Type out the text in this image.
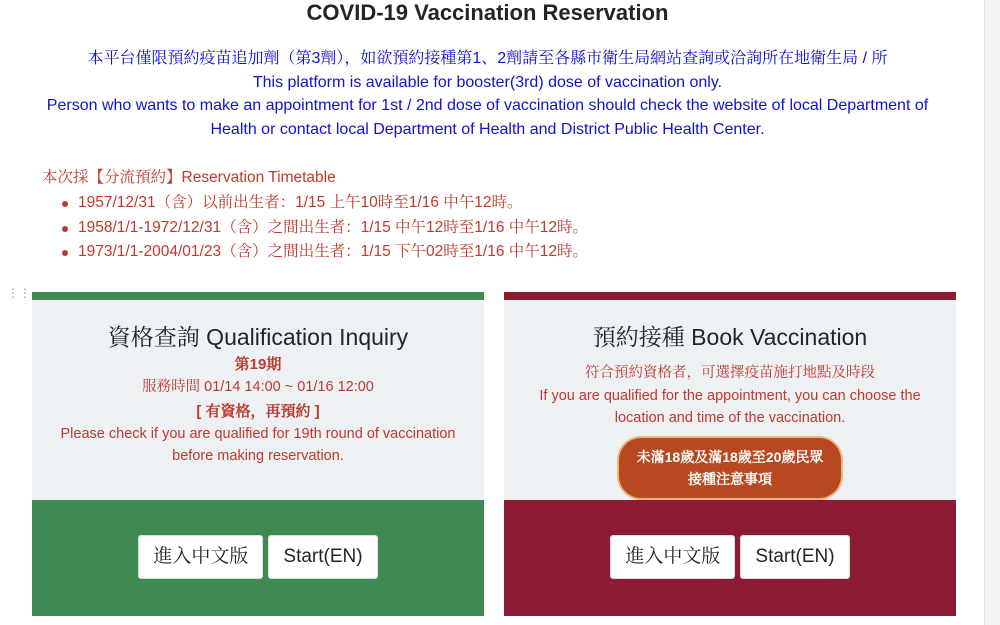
COVID-19 Vaccination Reservation
本平台僅限預約疫苗追加劑（第3劑），如欲預約接種第1、2劑請至各縣市衛生局網站查詢或洽詢所在地衛生局 / 所
This platform is available for booster(3rd) dose of vaccination only.
Person who wants to make an appointment for 1st / 2nd dose of vaccination should check the website of local Department of
Health or contact local Department of Health and District Public Health Center.
本次採【分流預約】Reservation Timetable
1957/12/31（含）以前出生者：1/15 上午10時至1/16 中午12時。
1958/1/1-1972/12/31（含）之間出生者：1/15 中午12時至1/16 中午12時。
1973/1/1-2004/01/23（含）之間出生者：1/15 下午02時至1/16 中午12時。
⋮⋮
資格查詢 Qualification Inquiry
第19期
服務時間 01/14 14:00 ~ 01/16 12:00
[ 有資格，再預約 ]
Please check if you are qualified for 19th round of vaccination
before making reservation.
進入中文版	Start(EN)
預約接種 Book Vaccination
符合預約資格者，可選擇疫苗施打地點及時段
If you are qualified for the appointment, you can choose the
location and time of the vaccination.
未滿18歲及滿18歲至20歲民眾
接種注意事項
進入中文版	Start(EN)
